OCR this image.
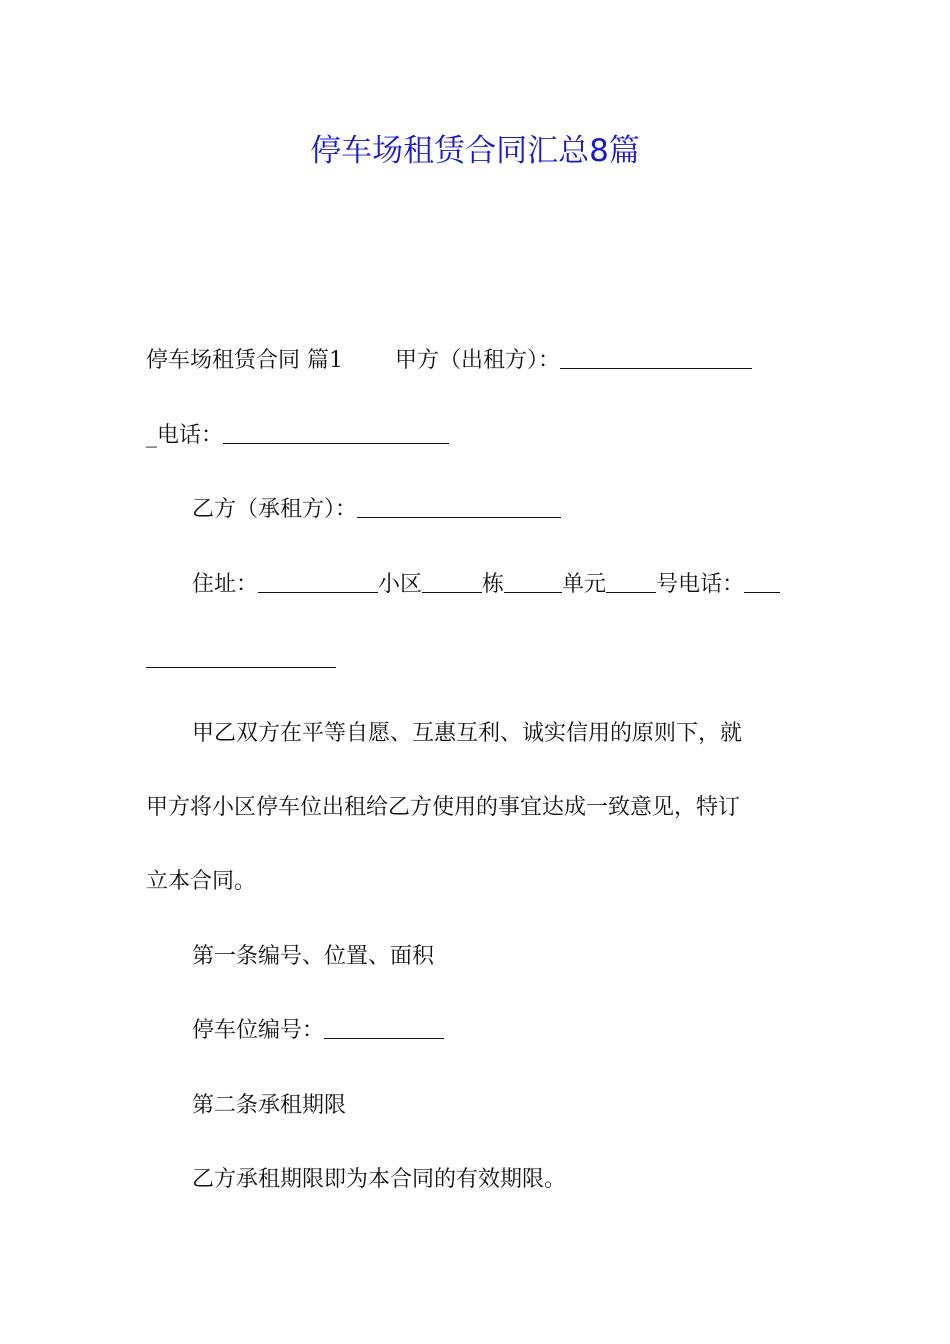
停车场租赁合同汇总8篇

停车场租赁合同 篇1 甲方（出租方）：

_电话：

乙方（承租方）：

住址：	小区	栋	单元 号电话：

甲乙双方在平等自愿、互惠互利、诚实信用的原则下，就

甲方将小区停车位出租给乙方使用的事宜达成一致意见，特订

立本合同。

第一条编号、位置、面积

停车位编号：

第二条承租期限

乙方承租期限即为本合同的有效期限。
